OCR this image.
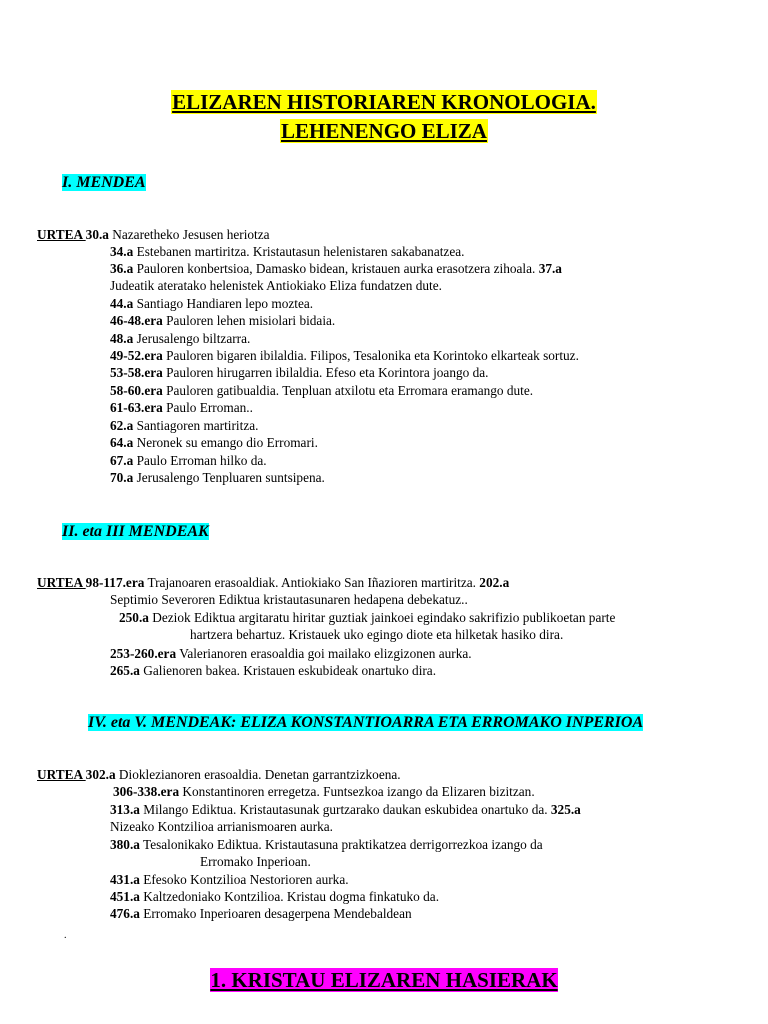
ELIZAREN HISTORIAREN KRONOLOGIA.
LEHENENGO ELIZA
I. MENDEA
URTEA 30.a Nazaretheko Jesusen heriotza
34.a Estebanen martiritza. Kristautasun helenistaren sakabanatzea.
36.a Pauloren konbertsioa, Damasko bidean, kristauen aurka erasotzera zihoala. 37.a
Judeatik ateratako helenistek Antiokiako Eliza fundatzen dute.
44.a Santiago Handiaren lepo moztea.
46-48.era Pauloren lehen misiolari bidaia.
48.a Jerusalengo biltzarra.
49-52.era Pauloren bigaren ibilaldia. Filipos, Tesalonika eta Korintoko elkarteak sortuz.
53-58.era Pauloren hirugarren ibilaldia. Efeso eta Korintora joango da.
58-60.era Pauloren gatibualdia. Tenpluan atxilotu eta Erromara eramango dute.
61-63.era Paulo Erroman..
62.a Santiagoren martiritza.
64.a Neronek su emango dio Erromari.
67.a Paulo Erroman hilko da.
70.a Jerusalengo Tenpluaren suntsipena.
II. eta III MENDEAK
URTEA 98-117.era Trajanoaren erasoaldiak. Antiokiako San Iñazioren martiritza. 202.a
Septimio Severoren Ediktua kristautasunaren hedapena debekatuz..
250.a Deziok Ediktua argitaratu hiritar guztiak jainkoei egindako sakrifizio publikoetan parte
hartzera behartuz. Kristauek uko egingo diote eta hilketak hasiko dira.
253-260.era Valerianoren erasoaldia goi mailako elizgizonen aurka.
265.a Galienoren bakea. Kristauen eskubideak onartuko dira.
IV. eta V. MENDEAK: ELIZA KONSTANTIOARRA ETA ERROMAKO INPERIOA
URTEA 302.a Dioklezianoren erasoaldia. Denetan garrantzizkoena.
306-338.era Konstantinoren erregetza. Funtsezkoa izango da Elizaren bizitzan.
313.a Milango Ediktua. Kristautasunak gurtzarako daukan eskubidea onartuko da. 325.a
Nizeako Kontzilioa arrianismoaren aurka.
380.a Tesalonikako Ediktua. Kristautasuna praktikatzea derrigorrezkoa izango da
Erromako Inperioan.
431.a Efesoko Kontzilioa Nestorioren aurka.
451.a Kaltzedoniako Kontzilioa. Kristau dogma finkatuko da.
476.a Erromako Inperioaren desagerpena Mendebaldean
.
1. KRISTAU ELIZAREN HASIERAK
